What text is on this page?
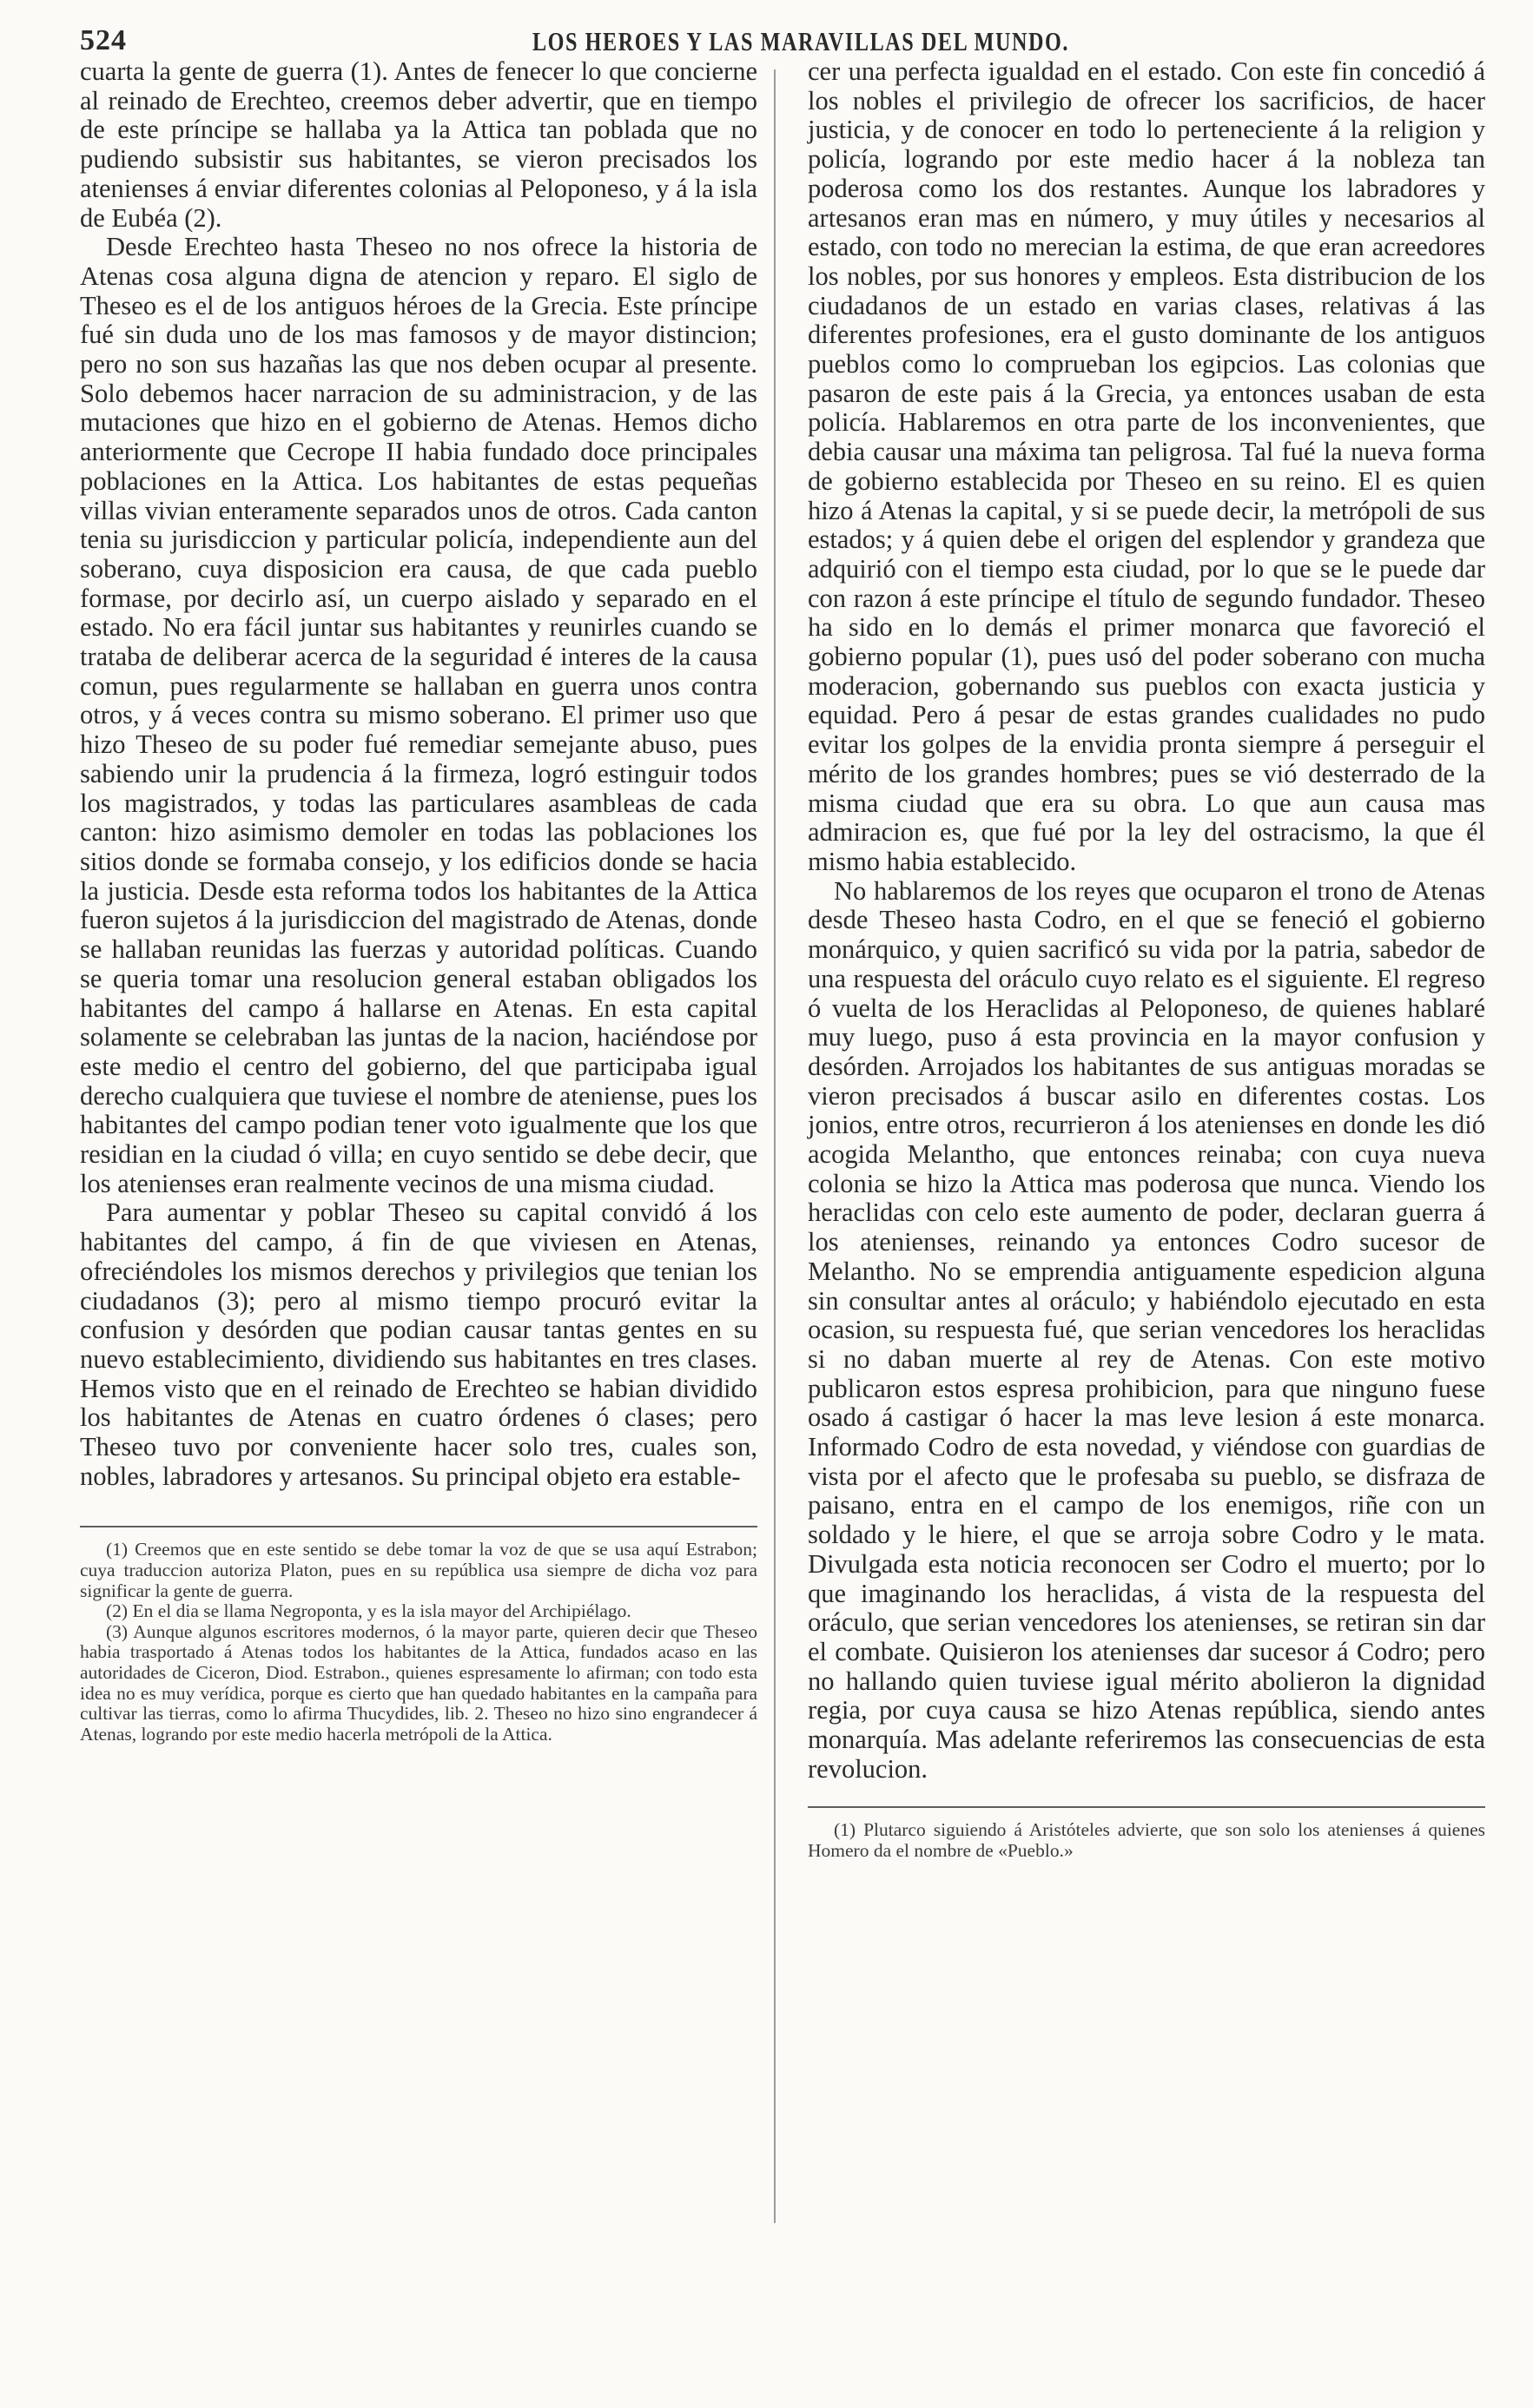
524	LOS HEROES Y LAS MARAVILLAS DEL MUNDO.

cuarta la gente de guerra (1). Antes de fenecer lo que concierne al reinado de Erechteo, creemos deber advertir, que en tiempo de este príncipe se hallaba ya la Attica tan poblada que no pudiendo subsistir sus habitantes, se vieron precisados los atenienses á enviar diferentes colonias al Peloponeso, y á la isla de Eubéa (2).

Desde Erechteo hasta Theseo no nos ofrece la historia de Atenas cosa alguna digna de atencion y reparo. El siglo de Theseo es el de los antiguos héroes de la Grecia. Este príncipe fué sin duda uno de los mas famosos y de mayor distincion; pero no son sus hazañas las que nos deben ocupar al presente. Solo debemos hacer narracion de su administracion, y de las mutaciones que hizo en el gobierno de Atenas. Hemos dicho anteriormente que Cecrope II habia fundado doce principales poblaciones en la Attica. Los habitantes de estas pequeñas villas vivian enteramente separados unos de otros. Cada canton tenia su jurisdiccion y particular policía, independiente aun del soberano, cuya disposicion era causa, de que cada pueblo formase, por decirlo así, un cuerpo aislado y separado en el estado. No era fácil juntar sus habitantes y reunirles cuando se trataba de deliberar acerca de la seguridad é interes de la causa comun, pues regularmente se hallaban en guerra unos contra otros, y á veces contra su mismo soberano. El primer uso que hizo Theseo de su poder fué remediar semejante abuso, pues sabiendo unir la prudencia á la firmeza, logró estinguir todos los magistrados, y todas las particulares asambleas de cada canton: hizo asimismo demoler en todas las poblaciones los sitios donde se formaba consejo, y los edificios donde se hacia la justicia. Desde esta reforma todos los habitantes de la Attica fueron sujetos á la jurisdiccion del magistrado de Atenas, donde se hallaban reunidas las fuerzas y autoridad políticas. Cuando se queria tomar una resolucion general estaban obligados los habitantes del campo á hallarse en Atenas. En esta capital solamente se celebraban las juntas de la nacion, haciéndose por este medio el centro del gobierno, del que participaba igual derecho cualquiera que tuviese el nombre de ateniense, pues los habitantes del campo podian tener voto igualmente que los que residian en la ciudad ó villa; en cuyo sentido se debe decir, que los atenienses eran realmente vecinos de una misma ciudad.

Para aumentar y poblar Theseo su capital convidó á los habitantes del campo, á fin de que viviesen en Atenas, ofreciéndoles los mismos derechos y privilegios que tenian los ciudadanos (3); pero al mismo tiempo procuró evitar la confusion y desórden que podian causar tantas gentes en su nuevo establecimiento, dividiendo sus habitantes en tres clases. Hemos visto que en el reinado de Erechteo se habian dividido los habitantes de Atenas en cuatro órdenes ó clases; pero Theseo tuvo por conveniente hacer solo tres, cuales son, nobles, labradores y artesanos. Su principal objeto era estable-

(1) Creemos que en este sentido se debe tomar la voz de que se usa aquí Estrabon; cuya traduccion autoriza Platon, pues en su república usa siempre de dicha voz para significar la gente de guerra.

(2) En el dia se llama Negroponta, y es la isla mayor del Archipiélago.

(3) Aunque algunos escritores modernos, ó la mayor parte, quieren decir que Theseo habia trasportado á Atenas todos los habitantes de la Attica, fundados acaso en las autoridades de Ciceron, Diod. Estrabon., quienes espresamente lo afirman; con todo esta idea no es muy verídica, porque es cierto que han quedado habitantes en la campaña para cultivar las tierras, como lo afirma Thucydides, lib. 2. Theseo no hizo sino engrandecer á Atenas, logrando por este medio hacerla metrópoli de la Attica.

cer una perfecta igualdad en el estado. Con este fin concedió á los nobles el privilegio de ofrecer los sacrificios, de hacer justicia, y de conocer en todo lo perteneciente á la religion y policía, logrando por este medio hacer á la nobleza tan poderosa como los dos restantes. Aunque los labradores y artesanos eran mas en número, y muy útiles y necesarios al estado, con todo no merecian la estima, de que eran acreedores los nobles, por sus honores y empleos. Esta distribucion de los ciudadanos de un estado en varias clases, relativas á las diferentes profesiones, era el gusto dominante de los antiguos pueblos como lo comprueban los egipcios. Las colonias que pasaron de este pais á la Grecia, ya entonces usaban de esta policía. Hablaremos en otra parte de los inconvenientes, que debia causar una máxima tan peligrosa. Tal fué la nueva forma de gobierno establecida por Theseo en su reino. El es quien hizo á Atenas la capital, y si se puede decir, la metrópoli de sus estados; y á quien debe el origen del esplendor y grandeza que adquirió con el tiempo esta ciudad, por lo que se le puede dar con razon á este príncipe el título de segundo fundador. Theseo ha sido en lo demás el primer monarca que favoreció el gobierno popular (1), pues usó del poder soberano con mucha moderacion, gobernando sus pueblos con exacta justicia y equidad. Pero á pesar de estas grandes cualidades no pudo evitar los golpes de la envidia pronta siempre á perseguir el mérito de los grandes hombres; pues se vió desterrado de la misma ciudad que era su obra. Lo que aun causa mas admiracion es, que fué por la ley del ostracismo, la que él mismo habia establecido.

No hablaremos de los reyes que ocuparon el trono de Atenas desde Theseo hasta Codro, en el que se feneció el gobierno monárquico, y quien sacrificó su vida por la patria, sabedor de una respuesta del oráculo cuyo relato es el siguiente. El regreso ó vuelta de los Heraclidas al Peloponeso, de quienes hablaré muy luego, puso á esta provincia en la mayor confusion y desórden. Arrojados los habitantes de sus antiguas moradas se vieron precisados á buscar asilo en diferentes costas. Los jonios, entre otros, recurrieron á los atenienses en donde les dió acogida Melantho, que entonces reinaba; con cuya nueva colonia se hizo la Attica mas poderosa que nunca. Viendo los heraclidas con celo este aumento de poder, declaran guerra á los atenienses, reinando ya entonces Codro sucesor de Melantho. No se emprendia antiguamente espedicion alguna sin consultar antes al oráculo; y habiéndolo ejecutado en esta ocasion, su respuesta fué, que serian vencedores los heraclidas si no daban muerte al rey de Atenas. Con este motivo publicaron estos espresa prohibicion, para que ninguno fuese osado á castigar ó hacer la mas leve lesion á este monarca. Informado Codro de esta novedad, y viéndose con guardias de vista por el afecto que le profesaba su pueblo, se disfraza de paisano, entra en el campo de los enemigos, riñe con un soldado y le hiere, el que se arroja sobre Codro y le mata. Divulgada esta noticia reconocen ser Codro el muerto; por lo que imaginando los heraclidas, á vista de la respuesta del oráculo, que serian vencedores los atenienses, se retiran sin dar el combate. Quisieron los atenienses dar sucesor á Codro; pero no hallando quien tuviese igual mérito abolieron la dignidad regia, por cuya causa se hizo Atenas república, siendo antes monarquía. Mas adelante referiremos las consecuencias de esta revolucion.

(1) Plutarco siguiendo á Aristóteles advierte, que son solo los atenienses á quienes Homero da el nombre de «Pueblo.»
